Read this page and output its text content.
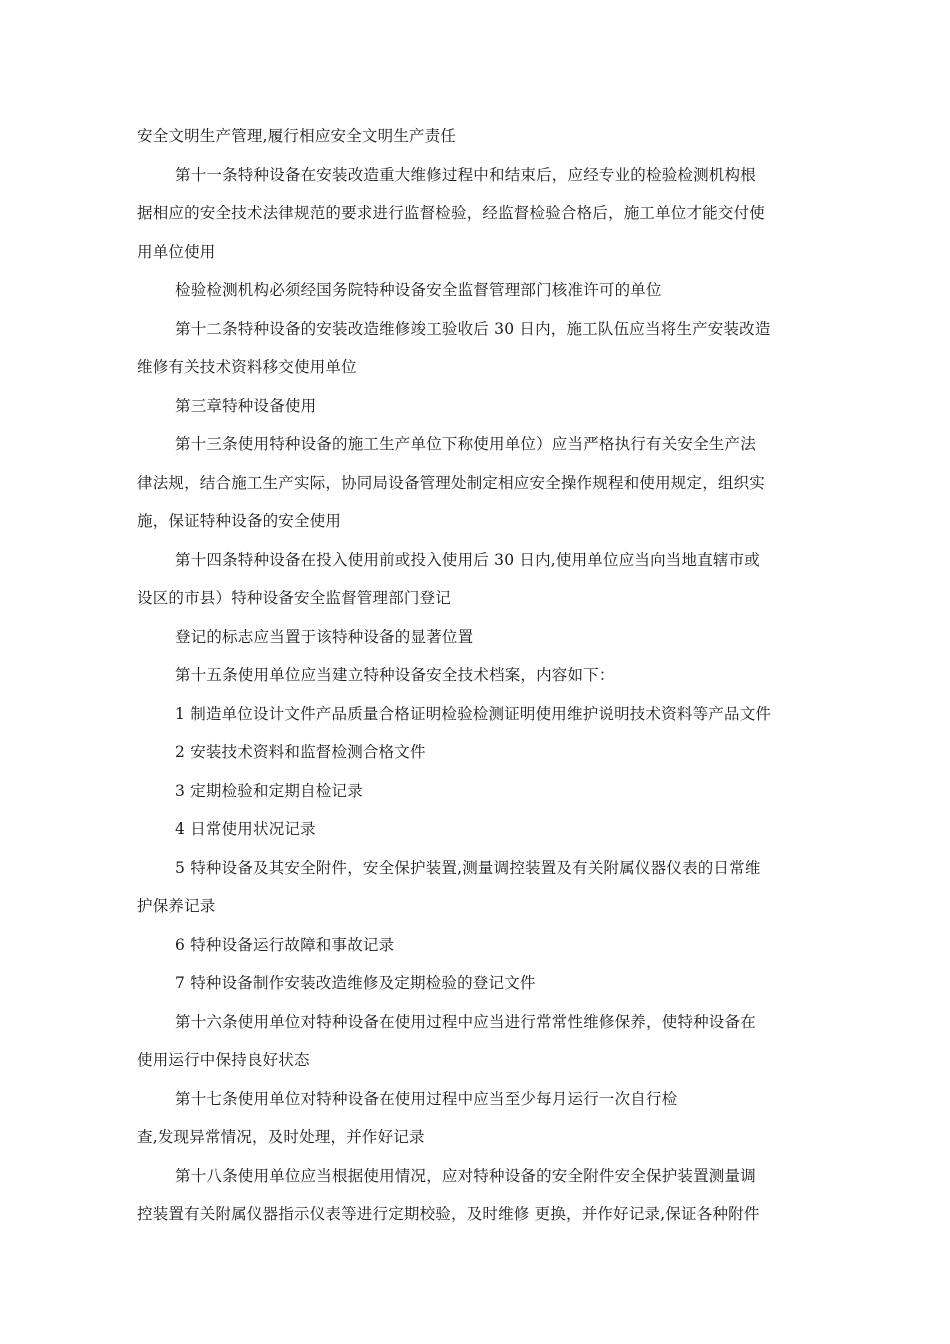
安全文明生产管理,履行相应安全文明生产责任
第十一条特种设备在安装改造重大维修过程中和结束后，应经专业的检验检测机构根
据相应的安全技术法律规范的要求进行监督检验，经监督检验合格后，施工单位才能交付使
用单位使用
检验检测机构必须经国务院特种设备安全监督管理部门核准许可的单位
第十二条特种设备的安装改造维修竣工验收后 30 日内，施工队伍应当将生产安装改造
维修有关技术资料移交使用单位
第三章特种设备使用
第十三条使用特种设备的施工生产单位下称使用单位）应当严格执行有关安全生产法
律法规，结合施工生产实际，协同局设备管理处制定相应安全操作规程和使用规定，组织实
施，保证特种设备的安全使用
第十四条特种设备在投入使用前或投入使用后 30 日内,使用单位应当向当地直辖市或
设区的市县）特种设备安全监督管理部门登记
登记的标志应当置于该特种设备的显著位置
第十五条使用单位应当建立特种设备安全技术档案，内容如下：
1 制造单位设计文件产品质量合格证明检验检测证明使用维护说明技术资料等产品文件
2 安装技术资料和监督检测合格文件
3 定期检验和定期自检记录
4 日常使用状况记录
5 特种设备及其安全附件，安全保护装置,测量调控装置及有关附属仪器仪表的日常维
护保养记录
6 特种设备运行故障和事故记录
7 特种设备制作安装改造维修及定期检验的登记文件
第十六条使用单位对特种设备在使用过程中应当进行常常性维修保养，使特种设备在
使用运行中保持良好状态
第十七条使用单位对特种设备在使用过程中应当至少每月运行一次自行检
查,发现异常情况，及时处理，并作好记录
第十八条使用单位应当根据使用情况，应对特种设备的安全附件安全保护装置测量调
控装置有关附属仪器指示仪表等进行定期校验，及时维修 更换，并作好记录,保证各种附件
